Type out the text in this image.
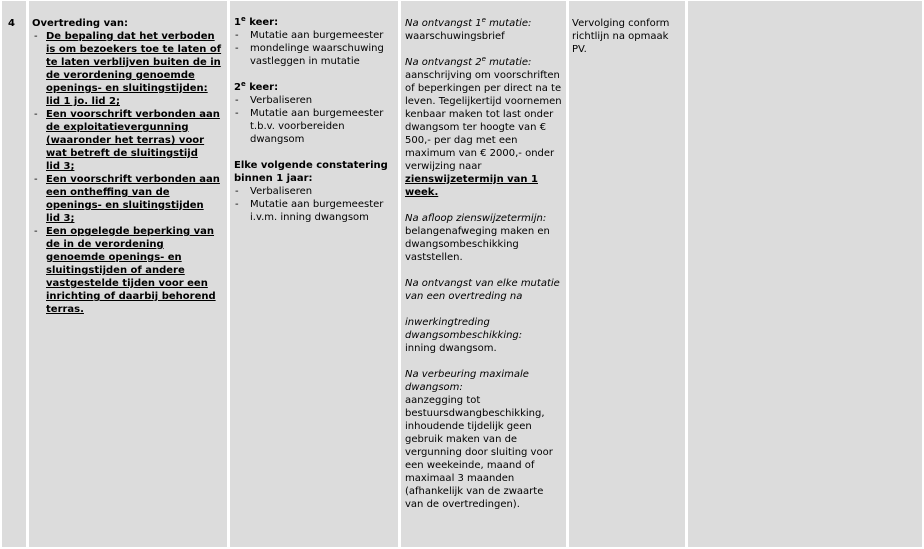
4	Overtreding van:
- De bepaling dat het verboden is om bezoekers toe te laten of te laten verblijven buiten de in de verordening genoemde openings- en sluitingstijden:
lid 1 jo. lid 2;
- Een voorschrift verbonden aan de exploitatievergunning (waaronder het terras) voor wat betreft de sluitingstijd
lid 3;
- Een voorschrift verbonden aan een ontheffing van de openings- en sluitingstijden
lid 3;
- Een opgelegde beperking van de in de verordening genoemde openings- en sluitingstijden of andere vastgestelde tijden voor een inrichting of daarbij behorend terras.
1e keer:
- Mutatie aan burgemeester
- mondelinge waarschuwing vastleggen in mutatie
2e keer:
- Verbaliseren
- Mutatie aan burgemeester t.b.v. voorbereiden dwangsom
Elke volgende constatering binnen 1 jaar:
- Verbaliseren
- Mutatie aan burgemeester i.v.m. inning dwangsom
Na ontvangst 1e mutatie:
waarschuwingsbrief
Na ontvangst 2e mutatie:
aanschrijving om voorschriften of beperkingen per direct na te leven. Tegelijkertijd voornemen kenbaar maken tot last onder dwangsom ter hoogte van € 500,- per dag met een maximum van € 2000,- onder verwijzing naar zienswijzetermijn van 1 week.
Na afloop zienswijzetermijn:
belangenafweging maken en dwangsombeschikking vaststellen.
Na ontvangst van elke mutatie van een overtreding na
inwerkingtreding dwangsombeschikking:
inning dwangsom.
Na verbeuring maximale dwangsom:
aanzegging tot bestuursdwangbeschikking, inhoudende tijdelijk geen gebruik maken van de vergunning door sluiting voor een weekeinde, maand of maximaal 3 maanden (afhankelijk van de zwaarte van de overtredingen).
Vervolging conform richtlijn na opmaak PV.
